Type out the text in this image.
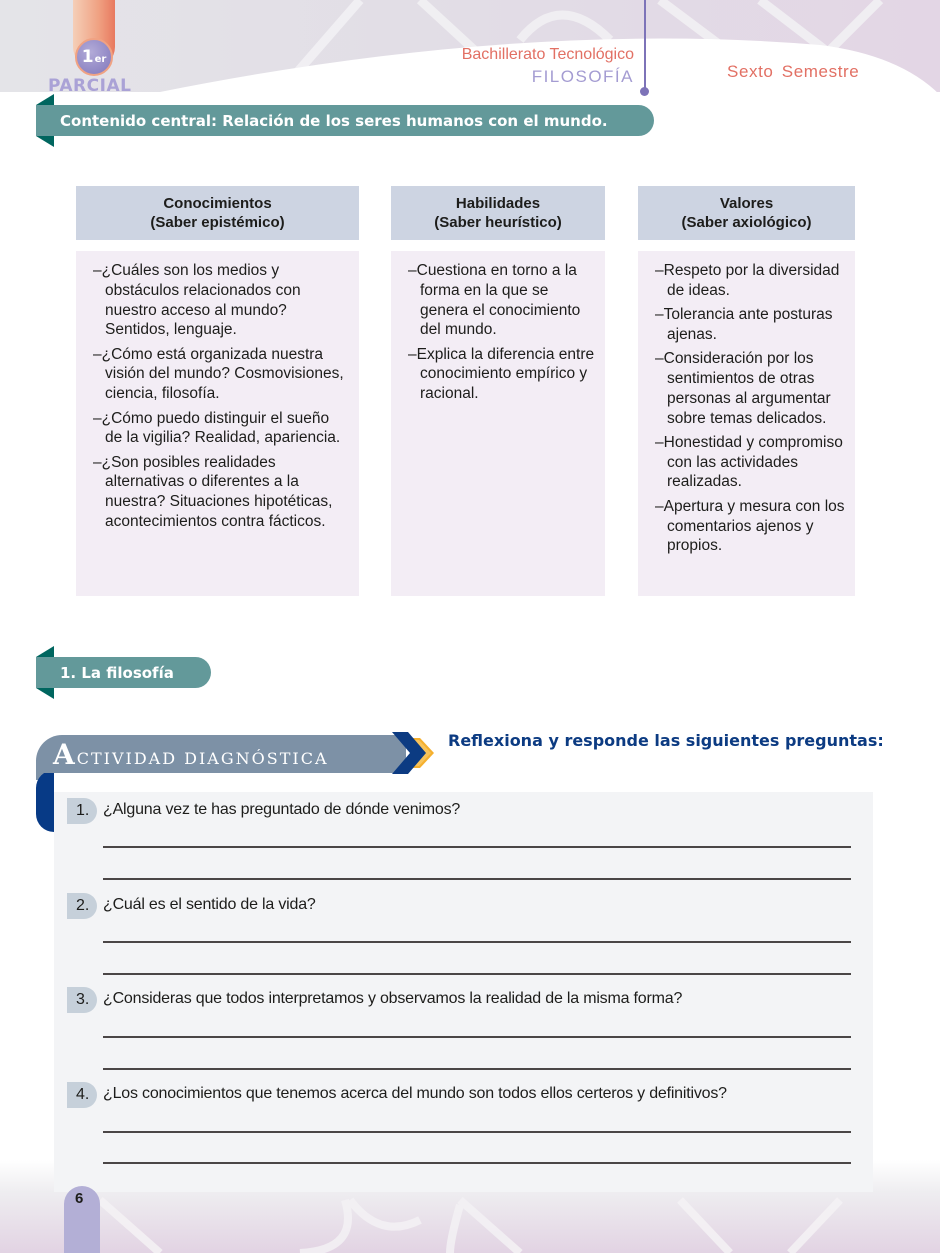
1 er
PARCIAL
Bachillerato Tecnológico
FILOSOFÍA	Sexto Semestre
Contenido central: Relación de los seres humanos con el mundo.
Conocimientos
(Saber epistémico)
–¿Cuáles son los medios y obstáculos relacionados con nuestro acceso al mundo? Sentidos, lenguaje.
–¿Cómo está organizada nuestra visión del mundo? Cosmovisiones, ciencia, filosofía.
–¿Cómo puedo distinguir el sueño de la vigilia? Realidad, apariencia.
–¿Son posibles realidades alternativas o diferentes a la nuestra? Situaciones hipotéticas, acontecimientos contra fácticos.
Habilidades
(Saber heurístico)
–Cuestiona en torno a la forma en la que se genera el conocimiento del mundo.
–Explica la diferencia entre conocimiento empírico y racional.
Valores
(Saber axiológico)
–Respeto por la diversidad de ideas.
–Tolerancia ante posturas ajenas.
–Consideración por los sentimientos de otras personas al argumentar sobre temas delicados.
–Honestidad y compromiso con las actividades realizadas.
–Apertura y mesura con los comentarios ajenos y propios.
1. La filosofía
ACTIVIDAD DIAGNÓSTICA
Reflexiona y responde las siguientes preguntas:
1. ¿Alguna vez te has preguntado de dónde venimos?
2. ¿Cuál es el sentido de la vida?
3. ¿Consideras que todos interpretamos y observamos la realidad de la misma forma?
4. ¿Los conocimientos que tenemos acerca del mundo son todos ellos certeros y definitivos?
6
